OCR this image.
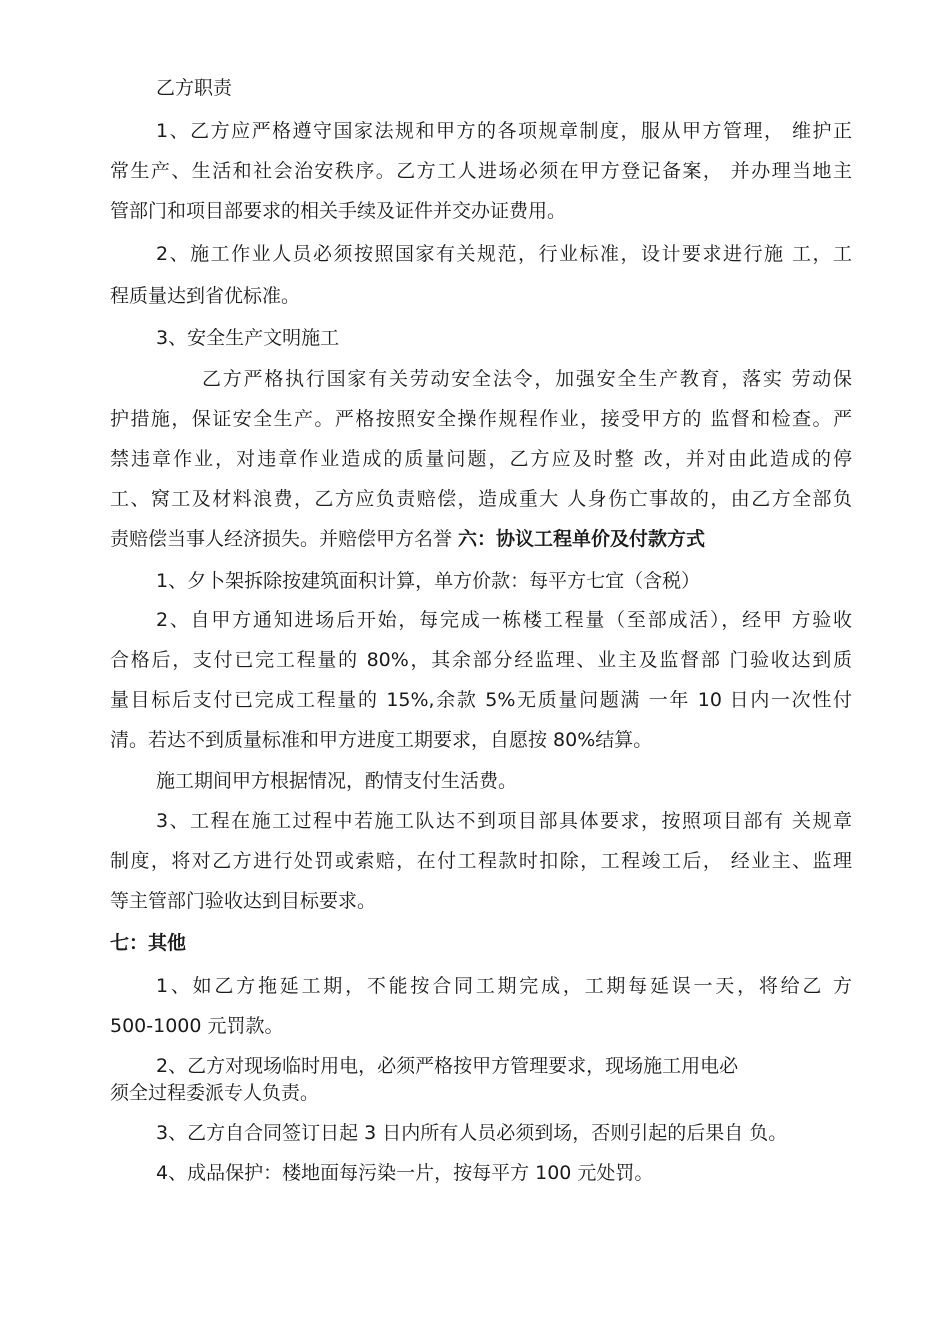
乙方职责
1、乙方应严格遵守国家法规和甲方的各项规章制度，服从甲方管理， 维护正
常生产、生活和社会治安秩序。乙方工人进场必须在甲方登记备案， 并办理当地主
管部门和项目部要求的相关手续及证件并交办证费用。
2、施工作业人员必须按照国家有关规范，行业标准，设计要求进行施 工，工
程质量达到省优标准。
3、安全生产文明施工
乙方严格执行国家有关劳动安全法令，加强安全生产教育，落实 劳动保
护措施，保证安全生产。严格按照安全操作规程作业，接受甲方的 监督和检查。严
禁违章作业，对违章作业造成的质量问题，乙方应及时整 改，并对由此造成的停
工、窝工及材料浪费，乙方应负责赔偿，造成重大 人身伤亡事故的，由乙方全部负
责赔偿当事人经济损失。并赔偿甲方名誉 六：协议工程单价及付款方式
1、夕卜架拆除按建筑面积计算，单方价款：每平方七宜（含税）
2、自甲方通知进场后开始，每完成一栋楼工程量（至部成活），经甲 方验收
合格后，支付已完工程量的 80%，其余部分经监理、业主及监督部 门验收达到质
量目标后支付已完成工程量的 15%,余款 5%无质量问题满 一年 10 日内一次性付
清。若达不到质量标准和甲方进度工期要求，自愿按 80%结算。
施工期间甲方根据情况，酌情支付生活费。
3、工程在施工过程中若施工队达不到项目部具体要求，按照项目部有 关规章
制度，将对乙方进行处罚或索赔，在付工程款时扣除，工程竣工后， 经业主、监理
等主管部门验收达到目标要求。
七：其他
1、如乙方拖延工期，不能按合同工期完成，工期每延误一天，将给乙 方
500-1000 元罚款。
2、乙方对现场临时用电，必须严格按甲方管理要求，现场施工用电必
须全过程委派专人负责。
3、乙方自合同签订日起 3 日内所有人员必须到场，否则引起的后果自 负。
4、成品保护：楼地面每污染一片，按每平方 100 元处罚。
